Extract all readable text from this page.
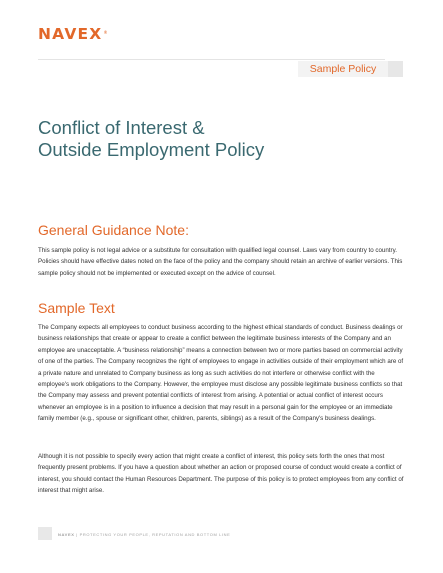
NAVEX®
Sample Policy
Conflict of Interest &
Outside Employment Policy
General Guidance Note:

This sample policy is not legal advice or a substitute for consultation with qualified legal counsel. Laws vary from country to country. Policies should have effective dates noted on the face of the policy and the company should retain an archive of earlier versions. This sample policy should not be implemented or executed except on the advice of counsel.

Sample Text

The Company expects all employees to conduct business according to the highest ethical standards of conduct. Business dealings or business relationships that create or appear to create a conflict between the legitimate business interests of the Company and an employee are unacceptable. A “business relationship” means a connection between two or more parties based on commercial activity of one of the parties. The Company recognizes the right of employees to engage in activities outside of their employment which are of a private nature and unrelated to Company business as long as such activities do not interfere or otherwise conflict with the employee's work obligations to the Company. However, the employee must disclose any possible legitimate business conflicts so that the Company may assess and prevent potential conflicts of interest from arising. A potential or actual conflict of interest occurs whenever an employee is in a position to influence a decision that may result in a personal gain for the employee or an immediate family member (e.g., spouse or significant other, children, parents, siblings) as a result of the Company's business dealings.

Although it is not possible to specify every action that might create a conflict of interest, this policy sets forth the ones that most frequently present problems. If you have a question about whether an action or proposed course of conduct would create a conflict of interest, you should contact the Human Resources Department. The purpose of this policy is to protect employees from any conflict of interest that might arise.

NAVEX | PROTECTING YOUR PEOPLE, REPUTATION AND BOTTOM LINE
